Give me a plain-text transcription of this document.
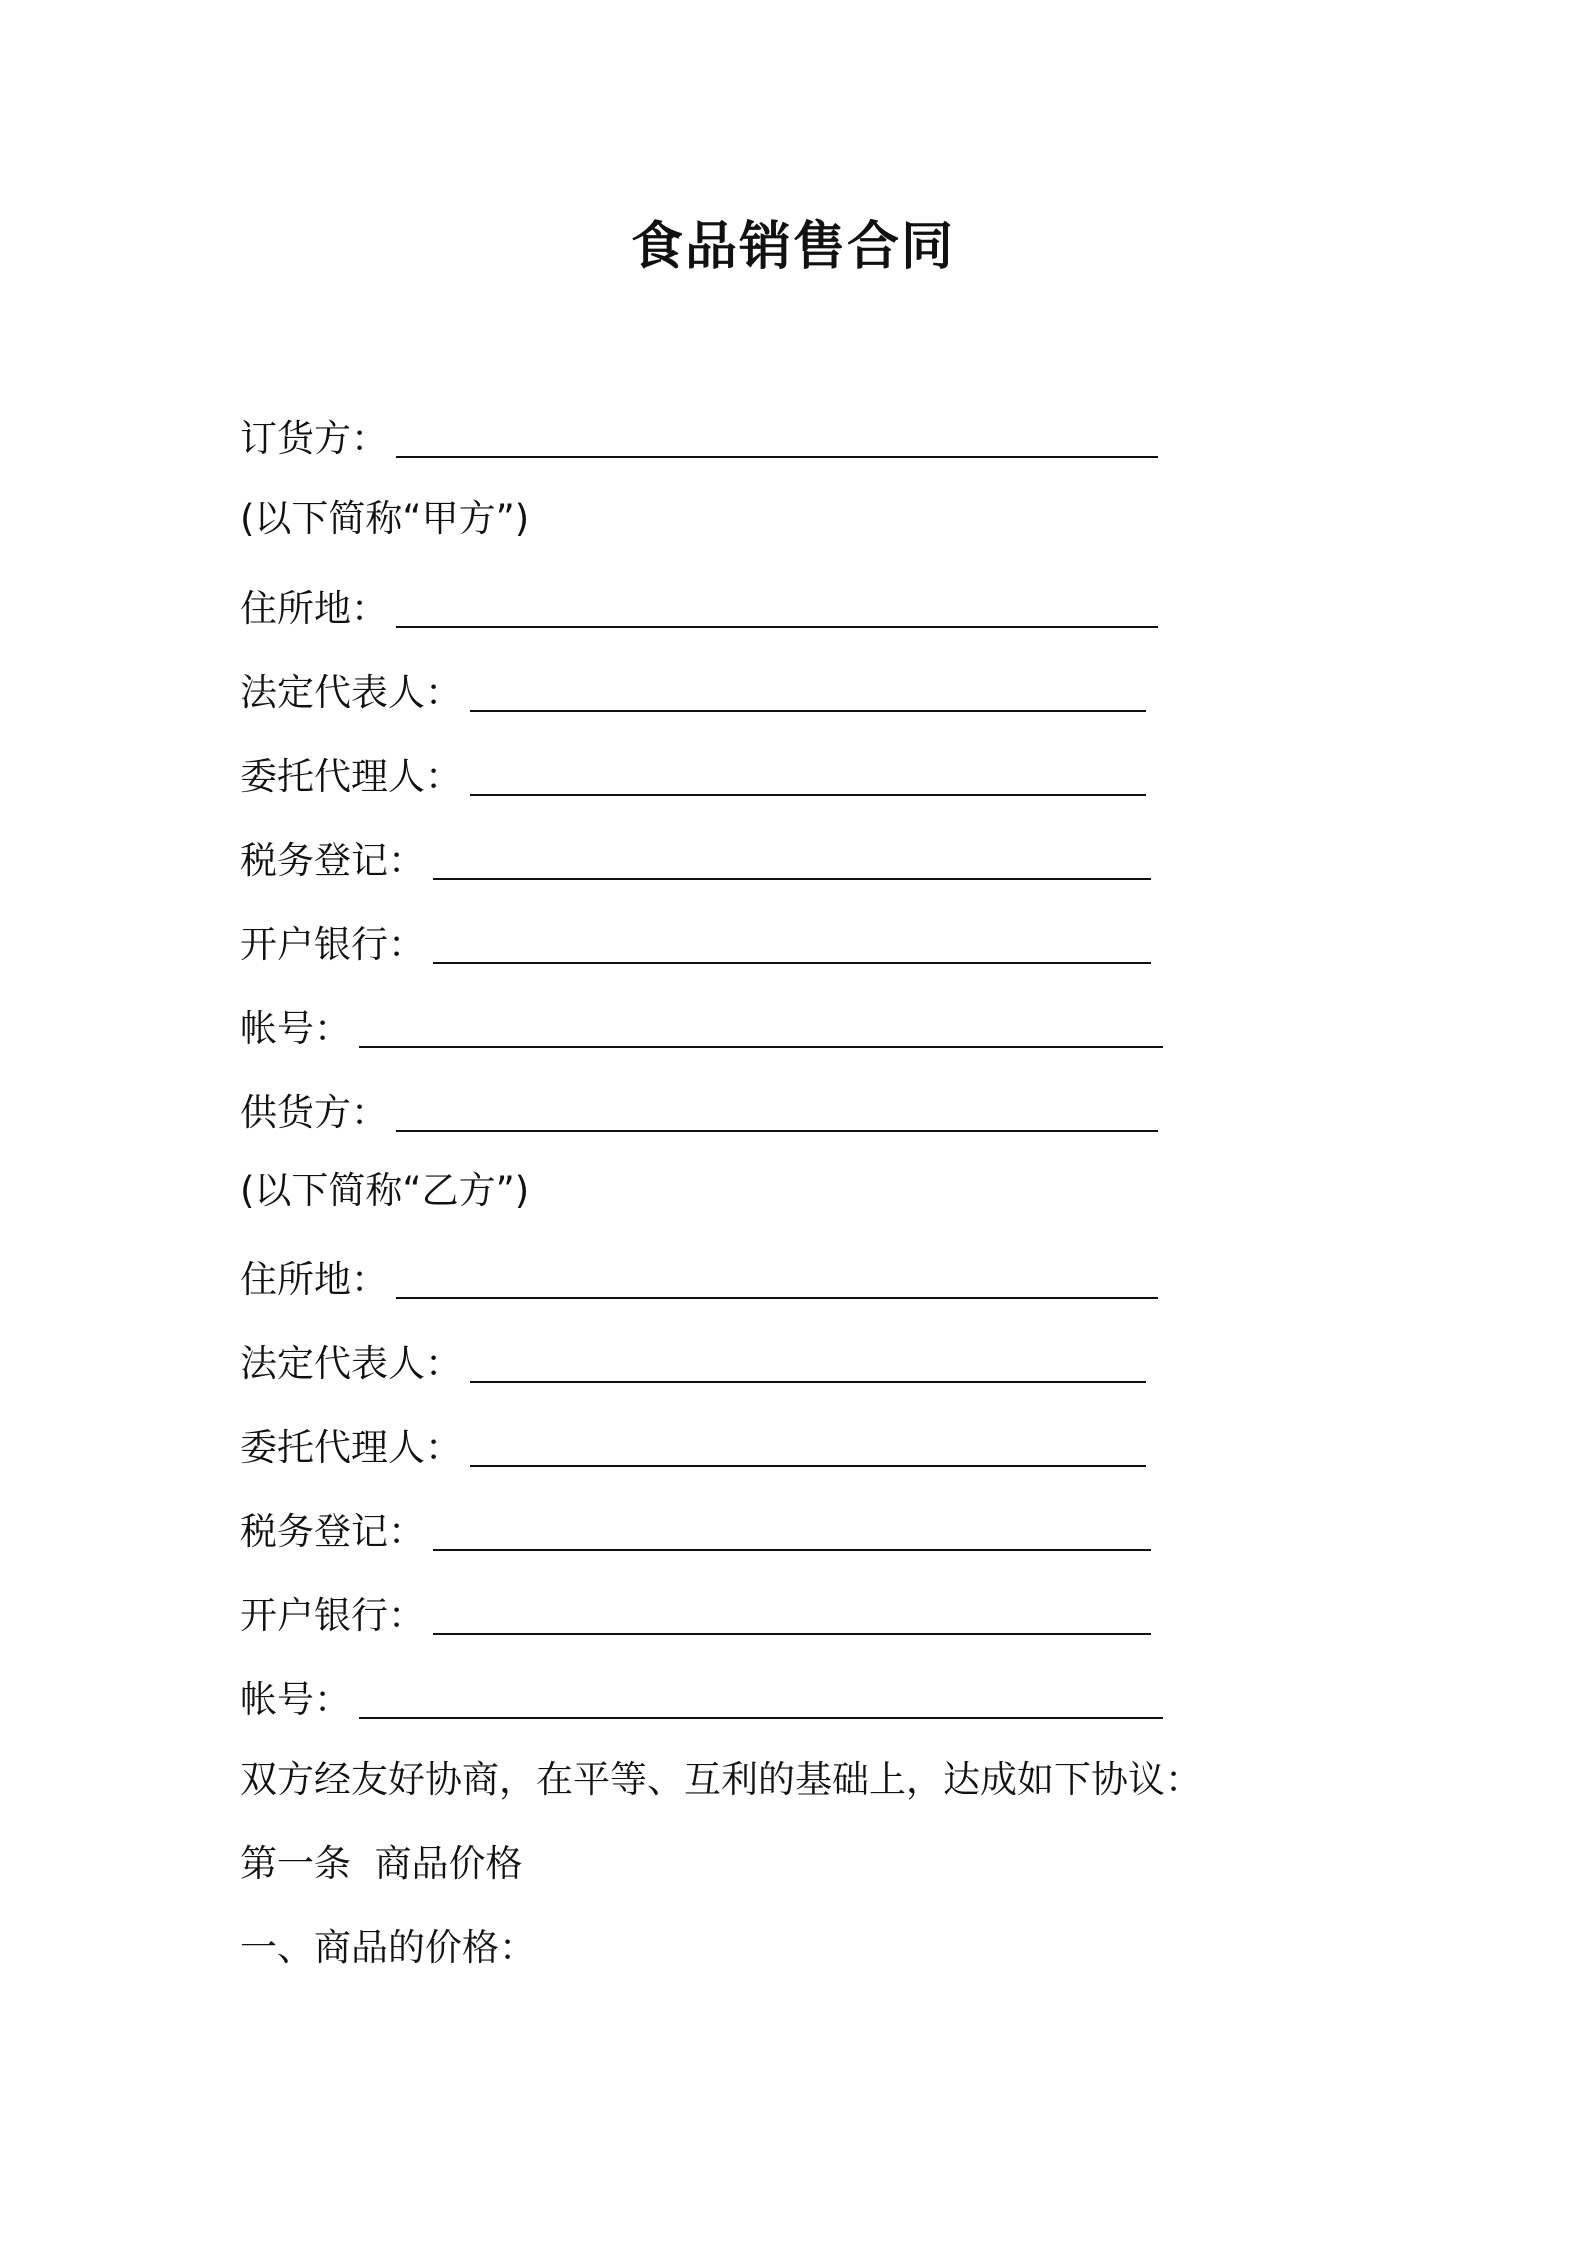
食品销售合同
订货方：
(以下简称“甲方”)
住所地：
法定代表人：
委托代理人：
税务登记：
开户银行：
帐号：
供货方：
(以下简称“乙方”)
住所地：
法定代表人：
委托代理人：
税务登记：
开户银行：
帐号：
双方经友好协商，在平等、互利的基础上，达成如下协议：
第一条  商品价格
一、商品的价格：
